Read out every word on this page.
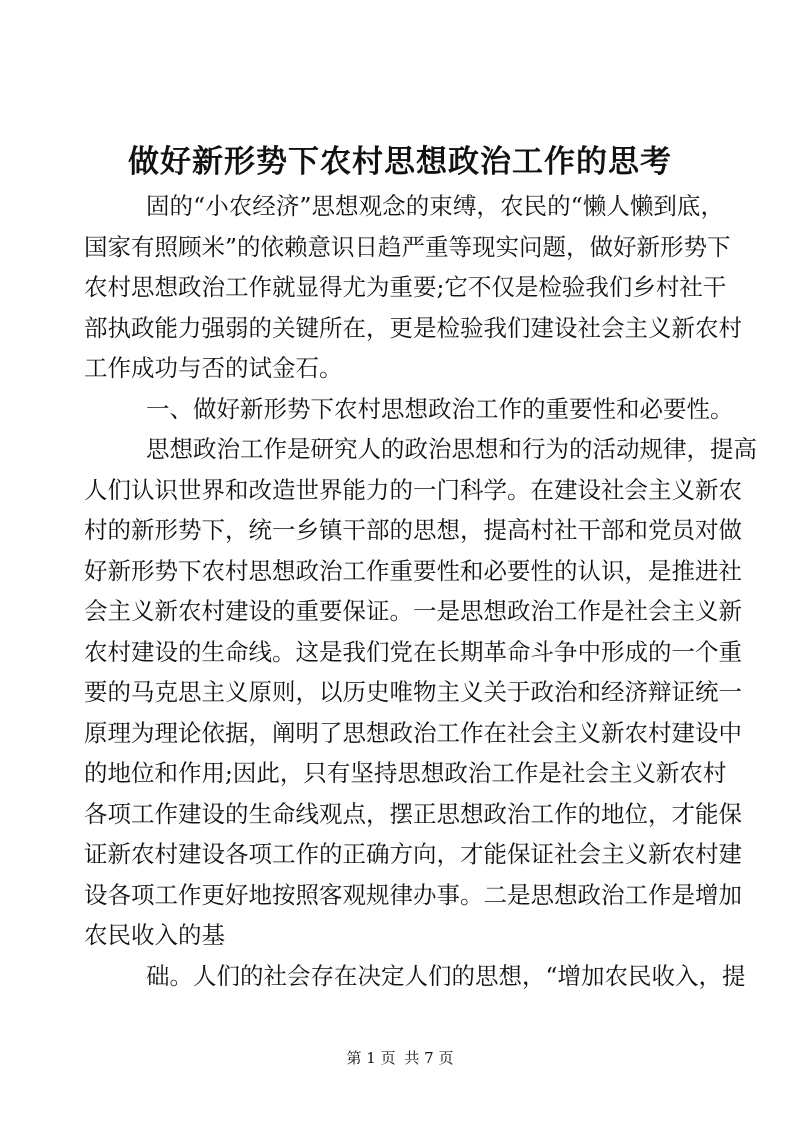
做好新形势下农村思想政治工作的思考
固的“小农经济”思想观念的束缚，农民的“懒人懒到底，
国家有照顾米”的依赖意识日趋严重等现实问题，做好新形势下
农村思想政治工作就显得尤为重要;它不仅是检验我们乡村社干
部执政能力强弱的关键所在，更是检验我们建设社会主义新农村
工作成功与否的试金石。
一、做好新形势下农村思想政治工作的重要性和必要性。
思想政治工作是研究人的政治思想和行为的活动规律，提高
人们认识世界和改造世界能力的一门科学。在建设社会主义新农
村的新形势下，统一乡镇干部的思想，提高村社干部和党员对做
好新形势下农村思想政治工作重要性和必要性的认识，是推进社
会主义新农村建设的重要保证。一是思想政治工作是社会主义新
农村建设的生命线。这是我们党在长期革命斗争中形成的一个重
要的马克思主义原则，以历史唯物主义关于政治和经济辩证统一
原理为理论依据，阐明了思想政治工作在社会主义新农村建设中
的地位和作用;因此，只有坚持思想政治工作是社会主义新农村
各项工作建设的生命线观点，摆正思想政治工作的地位，才能保
证新农村建设各项工作的正确方向，才能保证社会主义新农村建
设各项工作更好地按照客观规律办事。二是思想政治工作是增加
农民收入的基
础。人们的社会存在决定人们的思想，“增加农民收入，提
第 1 页 共 7 页
